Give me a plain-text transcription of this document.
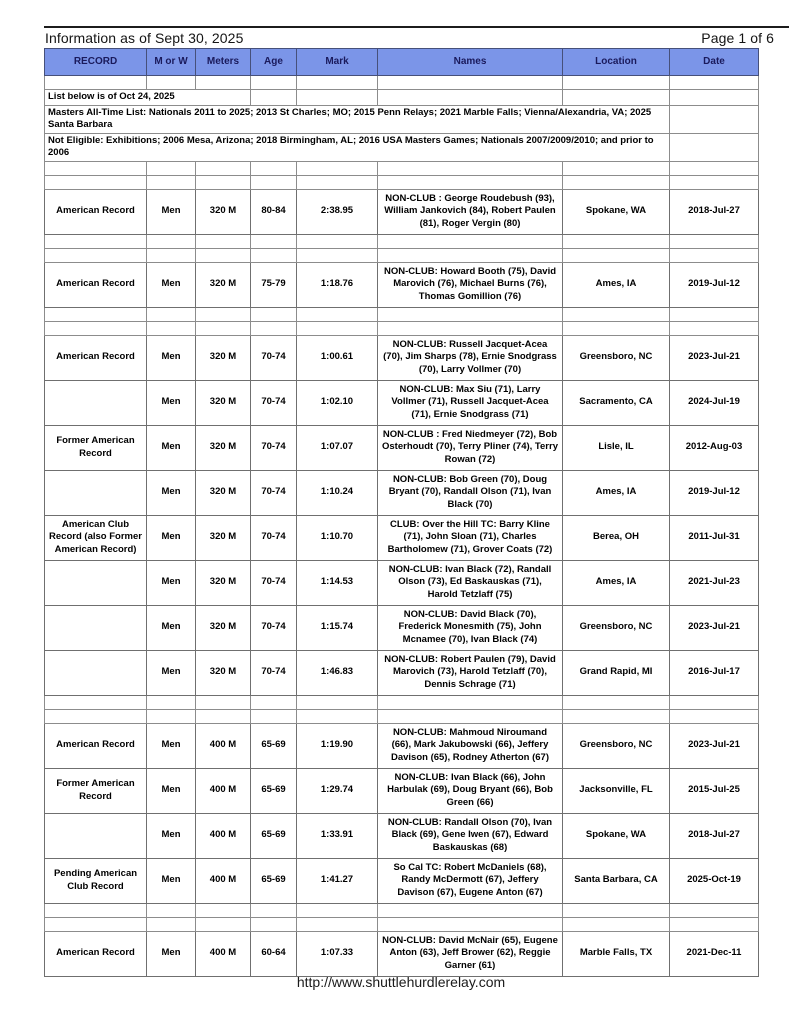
Information as of Sept 30, 2025	Page 1 of 6
RECORD	M or W	Meters	Age	Mark	Names	Location	Date

List below is of Oct 24, 2025							
Masters All-Time List: Nationals 2011 to 2025; 2013 St Charles; MO; 2015 Penn Relays; 2021 Marble Falls; Vienna/Alexandria, VA; 2025 Santa Barbara							
Not Eligible: Exhibitions; 2006 Mesa, Arizona; 2018 Birmingham, AL; 2016 USA Masters Games; Nationals 2007/2009/2010; and prior to 2006							

American Record	Men	320 M	80-84	2:38.95	NON-CLUB : George Roudebush (93), William Jankovich (84), Robert Paulen (81), Roger Vergin (80)	Spokane, WA	2018-Jul-27

American Record	Men	320 M	75-79	1:18.76	NON-CLUB: Howard Booth (75), David Marovich (76), Michael Burns (76), Thomas Gomillion (76)	Ames, IA	2019-Jul-12

American Record	Men	320 M	70-74	1:00.61	NON-CLUB: Russell Jacquet-Acea (70), Jim Sharps (78), Ernie Snodgrass (70), Larry Vollmer (70)	Greensboro, NC	2023-Jul-21
	Men	320 M	70-74	1:02.10	NON-CLUB: Max Siu (71), Larry Vollmer (71), Russell Jacquet-Acea (71), Ernie Snodgrass (71)	Sacramento, CA	2024-Jul-19
Former American Record	Men	320 M	70-74	1:07.07	NON-CLUB : Fred Niedmeyer (72), Bob Osterhoudt (70), Terry Pliner (74), Terry Rowan (72)	Lisle, IL	2012-Aug-03
	Men	320 M	70-74	1:10.24	NON-CLUB: Bob Green (70), Doug Bryant (70), Randall Olson (71), Ivan Black (70)	Ames, IA	2019-Jul-12
American Club Record (also Former American Record)	Men	320 M	70-74	1:10.70	CLUB: Over the Hill TC: Barry Kline (71), John Sloan (71), Charles Bartholomew (71), Grover Coats (72)	Berea, OH	2011-Jul-31
	Men	320 M	70-74	1:14.53	NON-CLUB: Ivan Black (72), Randall Olson (73), Ed Baskauskas (71), Harold Tetzlaff (75)	Ames, IA	2021-Jul-23
	Men	320 M	70-74	1:15.74	NON-CLUB: David Black (70), Frederick Monesmith (75), John Mcnamee (70), Ivan Black (74)	Greensboro, NC	2023-Jul-21
	Men	320 M	70-74	1:46.83	NON-CLUB: Robert Paulen (79), David Marovich (73), Harold Tetzlaff (70), Dennis Schrage (71)	Grand Rapid, MI	2016-Jul-17

American Record	Men	400 M	65-69	1:19.90	NON-CLUB: Mahmoud Niroumand (66), Mark Jakubowski (66), Jeffery Davison (65), Rodney Atherton (67)	Greensboro, NC	2023-Jul-21
Former American Record	Men	400 M	65-69	1:29.74	NON-CLUB: Ivan Black (66), John Harbulak (69), Doug Bryant (66), Bob Green (66)	Jacksonville, FL	2015-Jul-25
	Men	400 M	65-69	1:33.91	NON-CLUB: Randall Olson (70), Ivan Black (69), Gene Iwen (67), Edward Baskauskas (68)	Spokane, WA	2018-Jul-27
Pending American Club Record	Men	400 M	65-69	1:41.27	So Cal TC: Robert McDaniels (68), Randy McDermott (67), Jeffery Davison (67), Eugene Anton (67)	Santa Barbara, CA	2025-Oct-19

American Record	Men	400 M	60-64	1:07.33	NON-CLUB: David McNair (65), Eugene Anton (63), Jeff Brower (62), Reggie Garner (61)	Marble Falls, TX	2021-Dec-11
http://www.shuttlehurdlerelay.com
